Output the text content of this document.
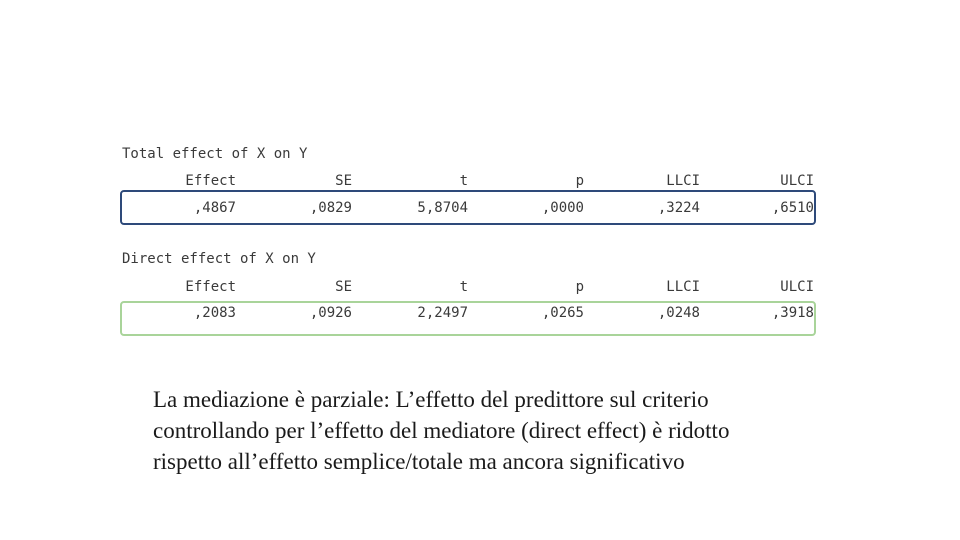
Total effect of X on Y
Effect	SE	t	p	LLCI	ULCI
,4867	,0829	5,8704	,0000	,3224	,6510
Direct effect of X on Y
Effect	SE	t	p	LLCI	ULCI
,2083	,0926	2,2497	,0265	,0248	,3918
La mediazione è parziale: L’effetto del predittore sul criterio controllando per l’effetto del mediatore (direct effect) è ridotto rispetto all’effetto semplice/totale ma ancora significativo
